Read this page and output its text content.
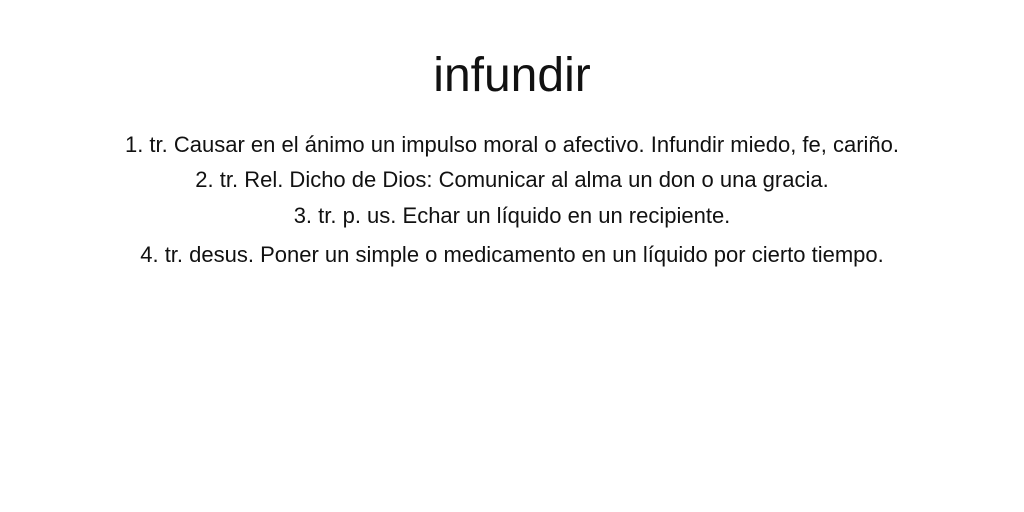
infundir
1. tr. Causar en el ánimo un impulso moral o afectivo. Infundir miedo, fe, cariño.
2. tr. Rel. Dicho de Dios: Comunicar al alma un don o una gracia.
3. tr. p. us. Echar un líquido en un recipiente.
4. tr. desus. Poner un simple o medicamento en un líquido por cierto tiempo.
